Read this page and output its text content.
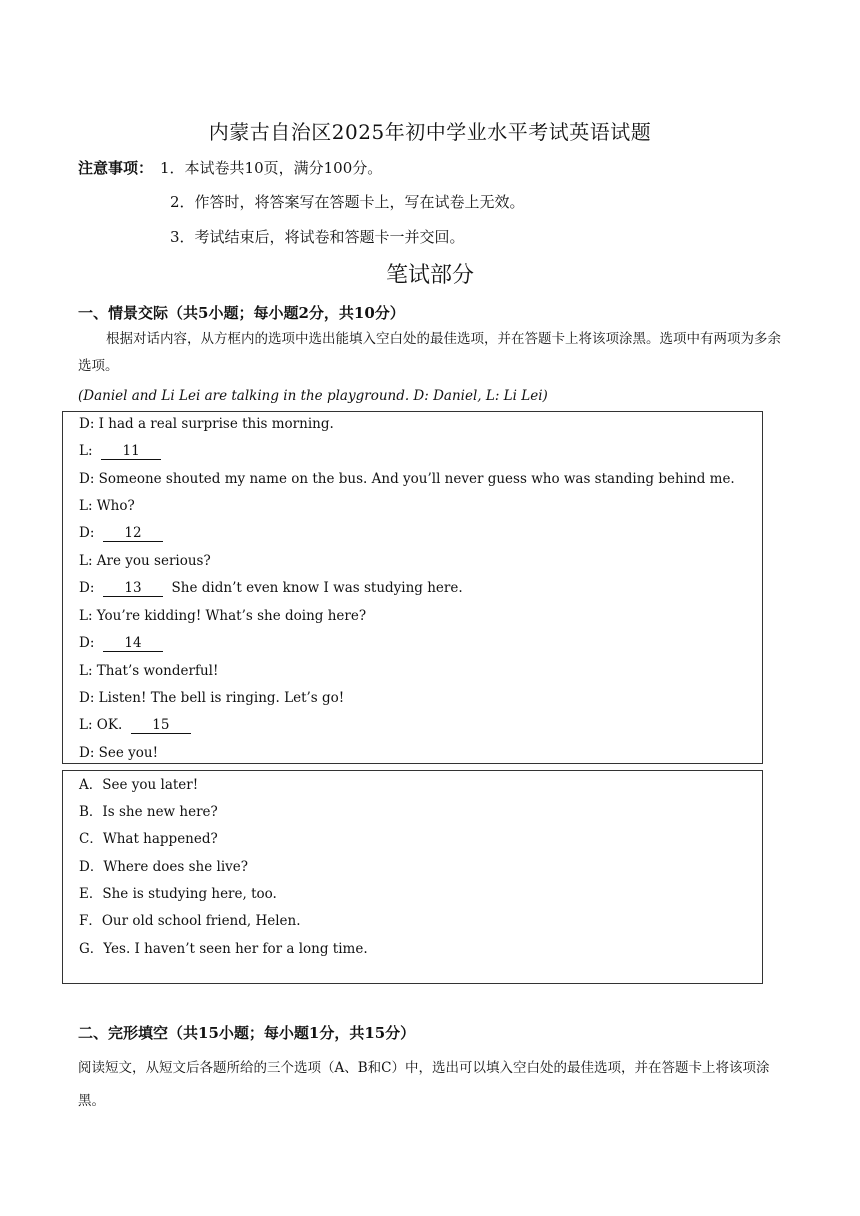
内蒙古自治区2025年初中学业水平考试英语试题
注意事项： 1．本试卷共10页，满分100分。
2．作答时，将答案写在答题卡上，写在试卷上无效。
3．考试结束后，将试卷和答题卡一并交回。
笔试部分
一、情景交际（共5小题；每小题2分，共10分）
根据对话内容，从方框内的选项中选出能填入空白处的最佳选项，并在答题卡上将该项涂黑。选项中有两项为多余选项。
(Daniel and Li Lei are talking in the playground. D: Daniel, L: Li Lei)
D: I had a real surprise this morning.
L:  11
D: Someone shouted my name on the bus. And you’ll never guess who was standing behind me.
L: Who?
D:  12
L: Are you serious?
D:  13  She didn’t even know I was studying here.
L: You’re kidding! What’s she doing here?
D:  14
L: That’s wonderful!
D: Listen! The bell is ringing. Let’s go!
L: OK.  15
D: See you!
A．See you later!
B．Is she new here?
C．What happened?
D．Where does she live?
E．She is studying here, too.
F．Our old school friend, Helen.
G．Yes. I haven’t seen her for a long time.
二、完形填空（共15小题；每小题1分，共15分）
阅读短文，从短文后各题所给的三个选项（A、B和C）中，选出可以填入空白处的最佳选项，并在答题卡上将该项涂黑。
